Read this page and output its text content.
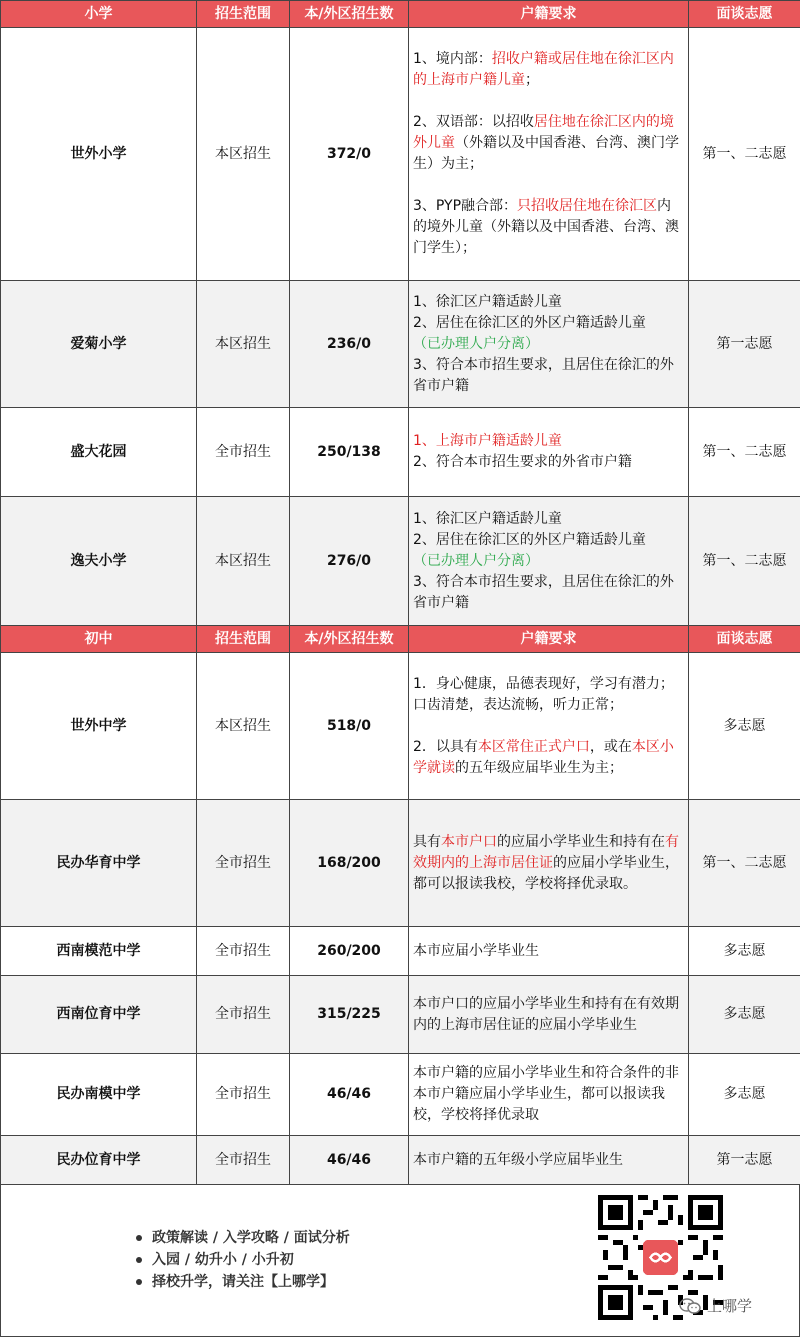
小学	招生范围	本/外区招生数	户籍要求	面谈志愿
世外小学	本区招生	372/0	1、境内部：招收户籍或居住地在徐汇区内的上海市户籍儿童；
2、双语部：以招收居住地在徐汇区内的境外儿童（外籍以及中国香港、台湾、澳门学生）为主；
3、PYP融合部：只招收居住地在徐汇区内的境外儿童（外籍以及中国香港、台湾、澳门学生）；	第一、二志愿
爱菊小学	本区招生	236/0	1、徐汇区户籍适龄儿童
2、居住在徐汇区的外区户籍适龄儿童
（已办理人户分离）
3、符合本市招生要求，且居住在徐汇的外省市户籍	第一志愿
盛大花园	全市招生	250/138	1、上海市户籍适龄儿童
2、符合本市招生要求的外省市户籍	第一、二志愿
逸夫小学	本区招生	276/0	1、徐汇区户籍适龄儿童
2、居住在徐汇区的外区户籍适龄儿童
（已办理人户分离）
3、符合本市招生要求，且居住在徐汇的外省市户籍	第一、二志愿
初中	招生范围	本/外区招生数	户籍要求	面谈志愿
世外中学	本区招生	518/0	1．身心健康，品德表现好，学习有潜力；口齿清楚，表达流畅，听力正常；
2．以具有本区常住正式户口，或在本区小学就读的五年级应届毕业生为主；	多志愿
民办华育中学	全市招生	168/200	具有本市户口的应届小学毕业生和持有在有效期内的上海市居住证的应届小学毕业生，都可以报读我校，学校将择优录取。	第一、二志愿
西南模范中学	全市招生	260/200	本市应届小学毕业生	多志愿
西南位育中学	全市招生	315/225	本市户口的应届小学毕业生和持有在有效期内的上海市居住证的应届小学毕业生	多志愿
民办南模中学	全市招生	46/46	本市户籍的应届小学毕业生和符合条件的非本市户籍应届小学毕业生，都可以报读我校，学校将择优录取	多志愿
民办位育中学	全市招生	46/46	本市户籍的五年级小学应届毕业生	第一志愿
政策解读 / 入学攻略 / 面试分析
入园 / 幼升小 / 小升初
择校升学，请关注【上哪学】
上哪学
